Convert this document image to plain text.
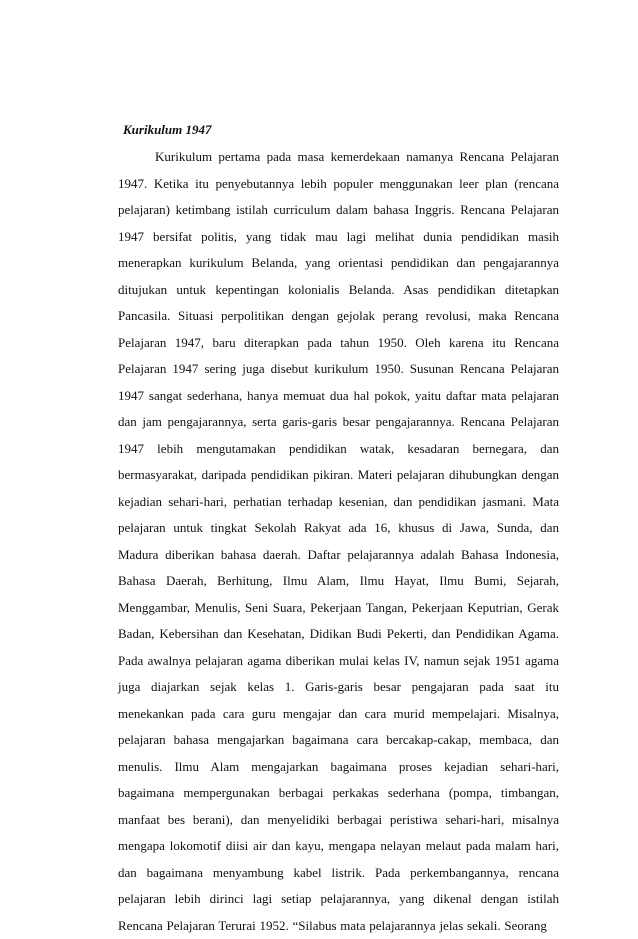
Kurikulum 1947

Kurikulum pertama pada masa kemerdekaan namanya Rencana Pelajaran 1947. Ketika itu penyebutannya lebih populer menggunakan leer plan (rencana pelajaran) ketimbang istilah curriculum dalam bahasa Inggris. Rencana Pelajaran 1947 bersifat politis, yang tidak mau lagi melihat dunia pendidikan masih menerapkan kurikulum Belanda, yang orientasi pendidikan dan pengajarannya ditujukan untuk kepentingan kolonialis Belanda. Asas pendidikan ditetapkan Pancasila. Situasi perpolitikan dengan gejolak perang revolusi, maka Rencana Pelajaran 1947, baru diterapkan pada tahun 1950. Oleh karena itu Rencana Pelajaran 1947 sering juga disebut kurikulum 1950. Susunan Rencana Pelajaran 1947 sangat sederhana, hanya memuat dua hal pokok, yaitu daftar mata pelajaran dan jam pengajarannya, serta garis-garis besar pengajarannya. Rencana Pelajaran 1947 lebih mengutamakan pendidikan watak, kesadaran bernegara, dan bermasyarakat, daripada pendidikan pikiran. Materi pelajaran dihubungkan dengan kejadian sehari-hari, perhatian terhadap kesenian, dan pendidikan jasmani. Mata pelajaran untuk tingkat Sekolah Rakyat ada 16, khusus di Jawa, Sunda, dan Madura diberikan bahasa daerah. Daftar pelajarannya adalah Bahasa Indonesia, Bahasa Daerah, Berhitung, Ilmu Alam, Ilmu Hayat, Ilmu Bumi, Sejarah, Menggambar, Menulis, Seni Suara, Pekerjaan Tangan, Pekerjaan Keputrian, Gerak Badan, Kebersihan dan Kesehatan, Didikan Budi Pekerti, dan Pendidikan Agama. Pada awalnya pelajaran agama diberikan mulai kelas IV, namun sejak 1951 agama juga diajarkan sejak kelas 1. Garis-garis besar pengajaran pada saat itu menekankan pada cara guru mengajar dan cara murid mempelajari. Misalnya, pelajaran bahasa mengajarkan bagaimana cara bercakap-cakap, membaca, dan menulis. Ilmu Alam mengajarkan bagaimana proses kejadian sehari-hari, bagaimana mempergunakan berbagai perkakas sederhana (pompa, timbangan, manfaat bes berani), dan menyelidiki berbagai peristiwa sehari-hari, misalnya mengapa lokomotif diisi air dan kayu, mengapa nelayan melaut pada malam hari, dan bagaimana menyambung kabel listrik. Pada perkembangannya, rencana pelajaran lebih dirinci lagi setiap pelajarannya, yang dikenal dengan istilah Rencana Pelajaran Terurai 1952. “Silabus mata pelajarannya jelas sekali. Seorang
